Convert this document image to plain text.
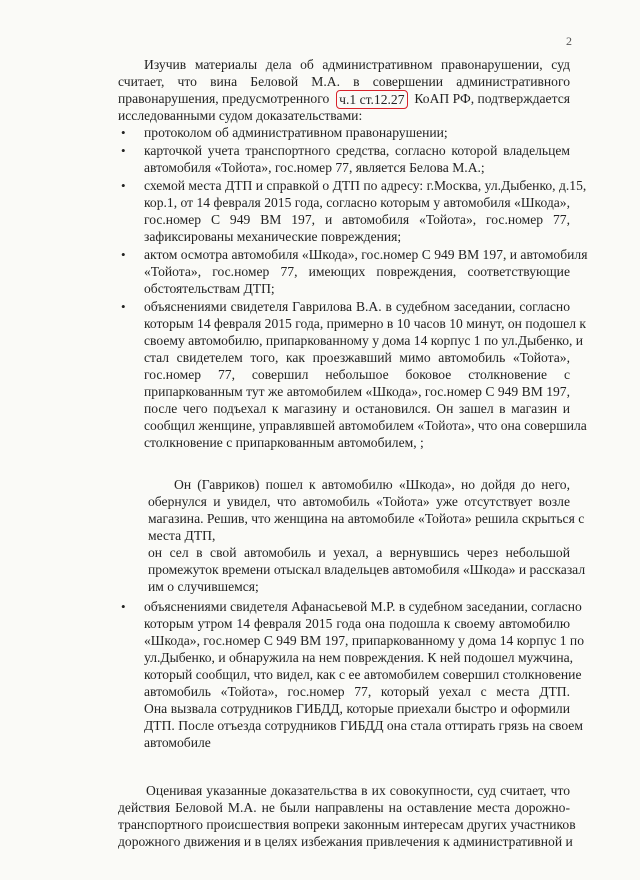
2
Изучив материалы дела об административном правонарушении, суд
считает, что вина Беловой М.А. в совершении административного
правонарушения, предусмотренного ч.1 ст.12.27 КоАП РФ, подтверждается
исследованными судом доказательствами:
• протоколом об административном правонарушении;
• карточкой учета транспортного средства, согласно которой владельцем
автомобиля «Тойота», гос.номер 77, является Белова М.А.;
• схемой места ДТП и справкой о ДТП по адресу: г.Москва, ул.Дыбенко, д.15,
кор.1, от 14 февраля 2015 года, согласно которым у автомобиля «Шкода»,
гос.номер С 949 ВМ 197, и автомобиля «Тойота», гос.номер 77,
зафиксированы механические повреждения;
• актом осмотра автомобиля «Шкода», гос.номер С 949 ВМ 197, и автомобиля
«Тойота», гос.номер 77, имеющих повреждения, соответствующие
обстоятельствам ДТП;
• объяснениями свидетеля Гаврилова В.А. в судебном заседании, согласно
которым 14 февраля 2015 года, примерно в 10 часов 10 минут, он подошел к
своему автомобилю, припаркованному у дома 14 корпус 1 по ул.Дыбенко, и
стал свидетелем того, как проезжавший мимо автомобиль «Тойота»,
гос.номер 77, совершил небольшое боковое столкновение с
припаркованным тут же автомобилем «Шкода», гос.номер С 949 ВМ 197,
после чего подъехал к магазину и остановился. Он зашел в магазин и
сообщил женщине, управлявшей автомобилем «Тойота», что она совершила
столкновение с припаркованным автомобилем, ;
Он (Гавриков) пошел к автомобилю «Шкода», но дойдя до него,
обернулся и увидел, что автомобиль «Тойота» уже отсутствует возле
магазина. Решив, что женщина на автомобиле «Тойота» решила скрыться с
места ДТП,
он сел в свой автомобиль и уехал, а вернувшись через небольшой
промежуток времени отыскал владельцев автомобиля «Шкода» и рассказал
им о случившемся;
• объяснениями свидетеля Афанасьевой М.Р. в судебном заседании, согласно
которым утром 14 февраля 2015 года она подошла к своему автомобилю
«Шкода», гос.номер С 949 ВМ 197, припаркованному у дома 14 корпус 1 по
ул.Дыбенко, и обнаружила на нем повреждения. К ней подошел мужчина,
который сообщил, что видел, как с ее автомобилем совершил столкновение
автомобиль «Тойота», гос.номер 77, который уехал с места ДТП.
Она вызвала сотрудников ГИБДД, которые приехали быстро и оформили
ДТП. После отъезда сотрудников ГИБДД она стала оттирать грязь на своем
автомобиле
Оценивая указанные доказательства в их совокупности, суд считает, что
действия Беловой М.А. не были направлены на оставление места дорожно-
транспортного происшествия вопреки законным интересам других участников
дорожного движения и в целях избежания привлечения к административной и
